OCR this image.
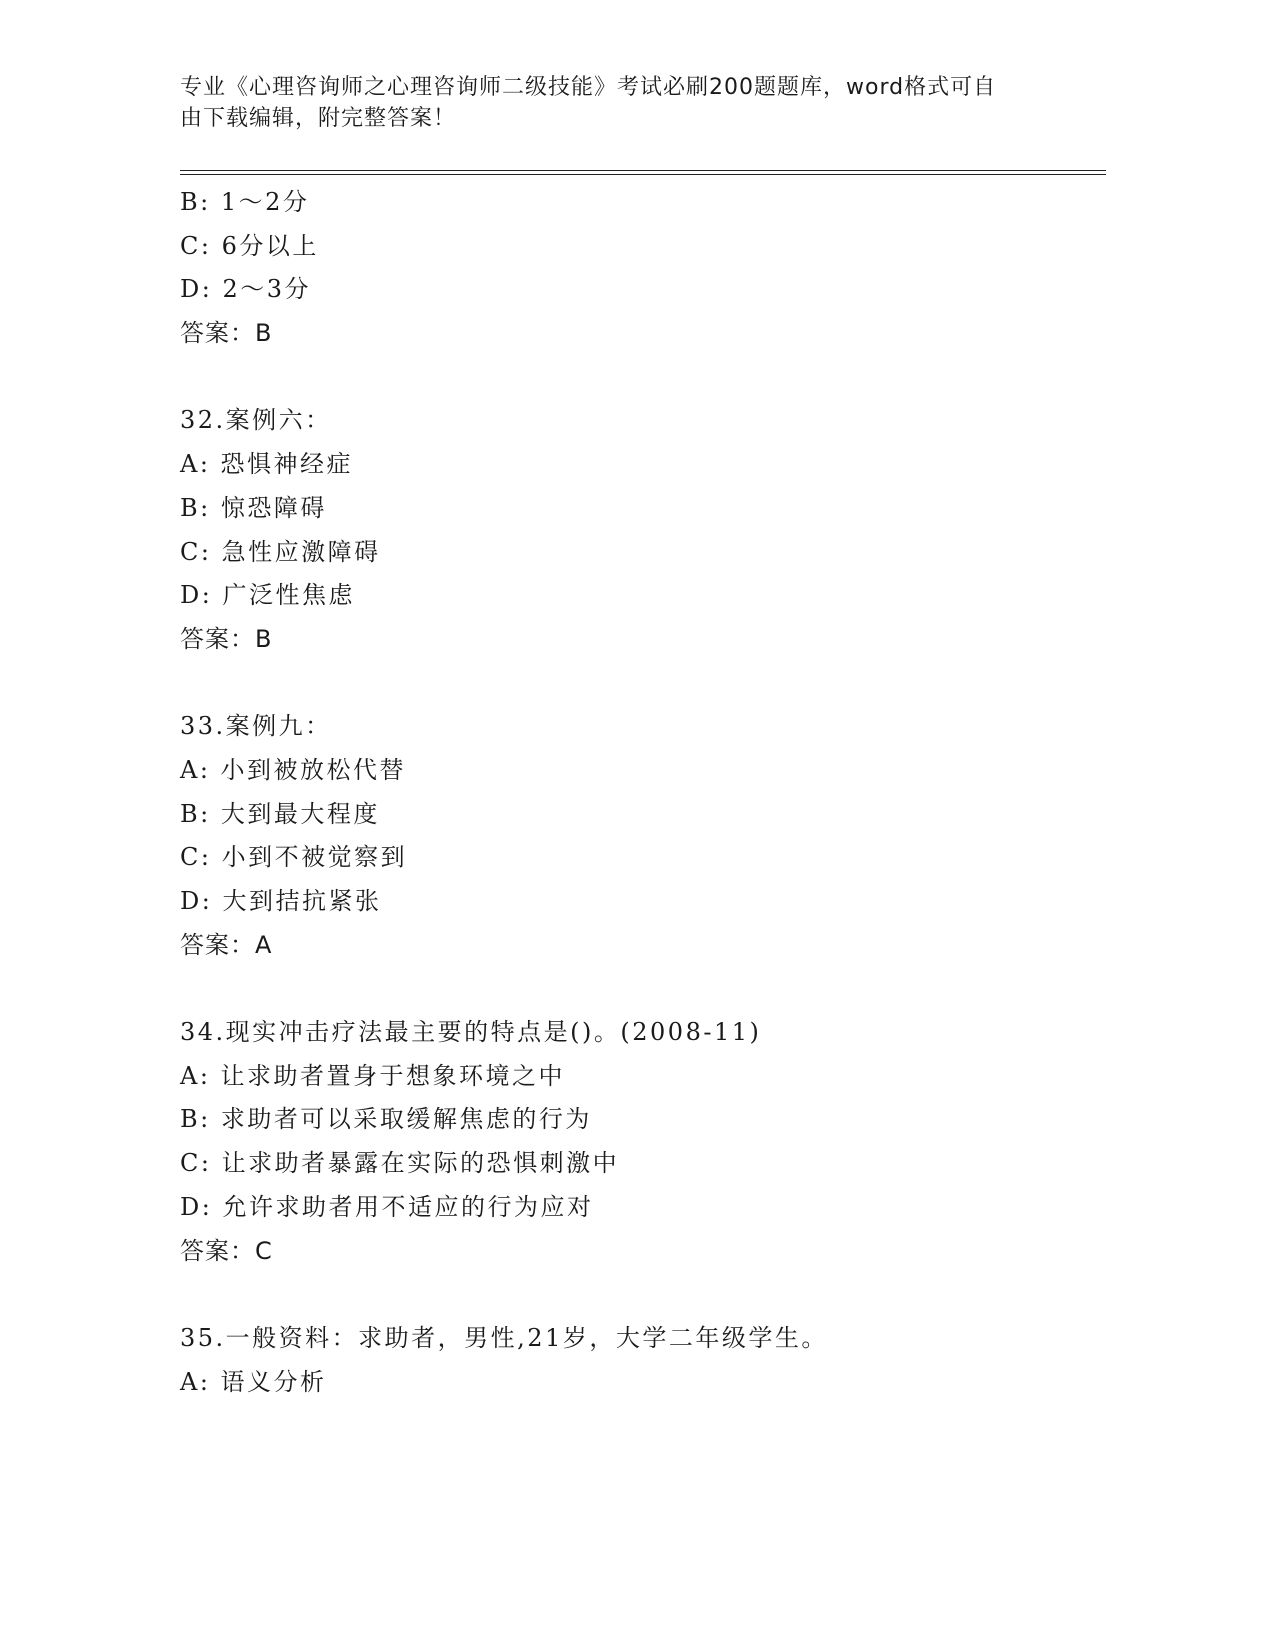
专业《心理咨询师之心理咨询师二级技能》考试必刷200题题库，word格式可自
由下载编辑，附完整答案！
B: 1～2分
C: 6分以上
D: 2～3分
答案：B
32.案例六：
A: 恐惧神经症
B: 惊恐障碍
C: 急性应激障碍
D: 广泛性焦虑
答案：B
33.案例九：
A: 小到被放松代替
B: 大到最大程度
C: 小到不被觉察到
D: 大到拮抗紧张
答案：A
34.现实冲击疗法最主要的特点是()。(2008-11)
A: 让求助者置身于想象环境之中
B: 求助者可以采取缓解焦虑的行为
C: 让求助者暴露在实际的恐惧刺激中
D: 允许求助者用不适应的行为应对
答案：C
35.一般资料：求助者，男性,21岁，大学二年级学生。
A: 语义分析
